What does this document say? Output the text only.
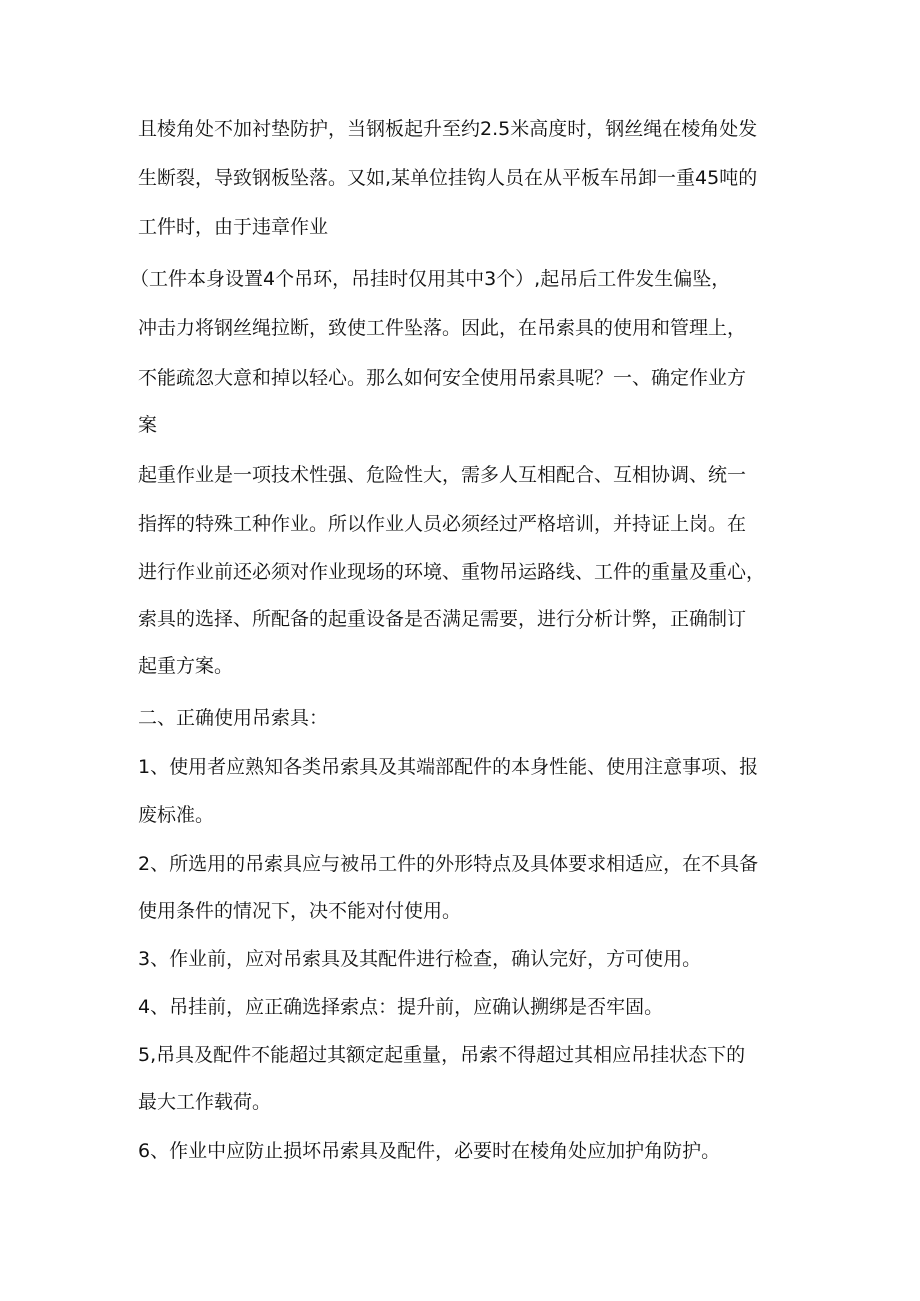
且棱角处不加衬垫防护，当钢板起升至约2.5米高度时，钢丝绳在棱角处发
生断裂，导致钢板坠落。又如,某单位挂钩人员在从平板车吊卸一重45吨的
工件时，由于违章作业
（工件本身设置4个吊环，吊挂时仅用其中3个）,起吊后工件发生偏坠，
冲击力将钢丝绳拉断，致使工件坠落。因此，在吊索具的使用和管理上，
不能疏忽大意和掉以轻心。那么如何安全使用吊索具呢？一、确定作业方
案
起重作业是一项技术性强、危险性大，需多人互相配合、互相协调、统一
指挥的特殊工种作业。所以作业人员必须经过严格培训，并持证上岗。在
进行作业前还必须对作业现场的环境、重物吊运路线、工件的重量及重心，
索具的选择、所配备的起重设备是否满足需要，进行分析计弊，正确制订
起重方案。
二、正确使用吊索具：
1、使用者应熟知各类吊索具及其端部配件的本身性能、使用注意事项、报
废标准。
2、所选用的吊索具应与被吊工件的外形特点及具体要求相适应，在不具备
使用条件的情况下，决不能对付使用。
3、作业前，应对吊索具及其配件进行检查，确认完好，方可使用。
4、吊挂前，应正确选择索点：提升前，应确认搠绑是否牢固。
5,吊具及配件不能超过其额定起重量，吊索不得超过其相应吊挂状态下的
最大工作载荷。
6、作业中应防止损坏吊索具及配件，必要时在棱角处应加护角防护。
